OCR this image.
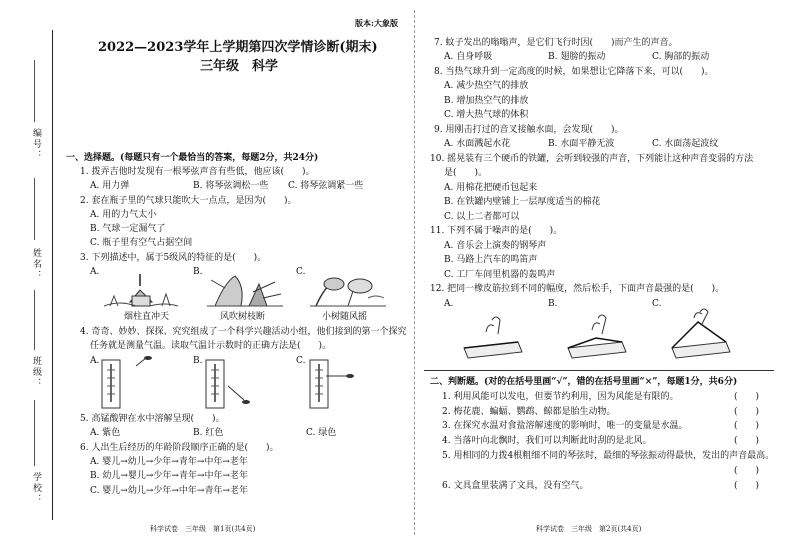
编号：
姓名：
班级：
学校：
版本:大象版
2022—2023学年上学期第四次学情诊断(期末)
三年级　科学
一、选择题。(每题只有一个最恰当的答案，每题2分，共24分)
1. 拨弄吉他时发现有一根琴弦声音有些低，他应该(　　)。
A. 用力弹	B. 将琴弦调松一些 C. 将琴弦调紧一些
2. 套在瓶子里的气球只能吹大一点点，是因为(　　)。
A. 用的力气太小
B. 气球一定漏气了
C. 瓶子里有空气占据空间
3. 下列描述中，属于5级风的特征的是(　　)。
A.	B.	C.
烟柱直冲天	风吹树枝断	小树随风摇
4. 奇奇、妙妙、探探、究究组成了一个科学兴趣活动小组，他们接到的第一个探究
任务就是测量气温。读取气温计示数时的正确方法是(　　)。
A.	B.	C.
5. 高锰酸钾在水中溶解呈现(　　)。
A. 紫色	B. 红色	C. 绿色
6. 人出生后经历的年龄阶段顺序正确的是(　　)。
A. 婴儿→幼儿→少年→青年→中年→老年
B. 幼儿→婴儿→少年→青年→中年→老年
C. 婴儿→幼儿→少年→中年→青年→老年
科学试卷　三年级　第1页(共4页)
7. 蚊子发出的嗡嗡声，是它们飞行时因(　　)而产生的声音。
A. 自身呼吸	B. 翅膀的振动	C. 胸部的振动
8. 当热气球升到一定高度的时候，如果想让它降落下来，可以(　　)。
A. 减少热空气的排放
B. 增加热空气的排放
C. 增大热气球的体积
9. 用刚击打过的音叉接触水面，会发现(　　)。
A. 水面溅起水花	B. 水面平静无波	C. 水面荡起波纹
10. 摇晃装有三个硬币的铁罐，会听到较强的声音，下列能让这种声音变弱的方法
是(　　)。
A. 用棉花把硬币包起来
B. 在铁罐内壁铺上一层厚度适当的棉花
C. 以上二者都可以
11. 下列不属于噪声的是(　　)。
A. 音乐会上演奏的钢琴声
B. 马路上汽车的鸣笛声
C. 工厂车间里机器的轰鸣声
12. 把同一橡皮筋拉到不同的幅度，然后松手，下面声音最强的是(　　)。
A.	B.	C.
二、判断题。(对的在括号里画“√”，错的在括号里画“×”，每题1分，共6分)
1. 利用风能可以发电，但要节约利用，因为风能是有限的。	(　　)
2. 梅花鹿、蝙蝠、鹦鹉、鲸都是胎生动物。	(　　)
3. 在探究水温对食盐溶解速度的影响时，唯一的变量是水温。	(　　)
4. 当落叶向北飘时，我们可以判断此时刮的是北风。	(　　)
5. 用相同的力拨4根粗细不同的琴弦时，最细的琴弦振动得最快，发出的声音最高。
(　　)
6. 文具盒里装满了文具，没有空气。	(　　)
科学试卷　三年级　第2页(共4页)
